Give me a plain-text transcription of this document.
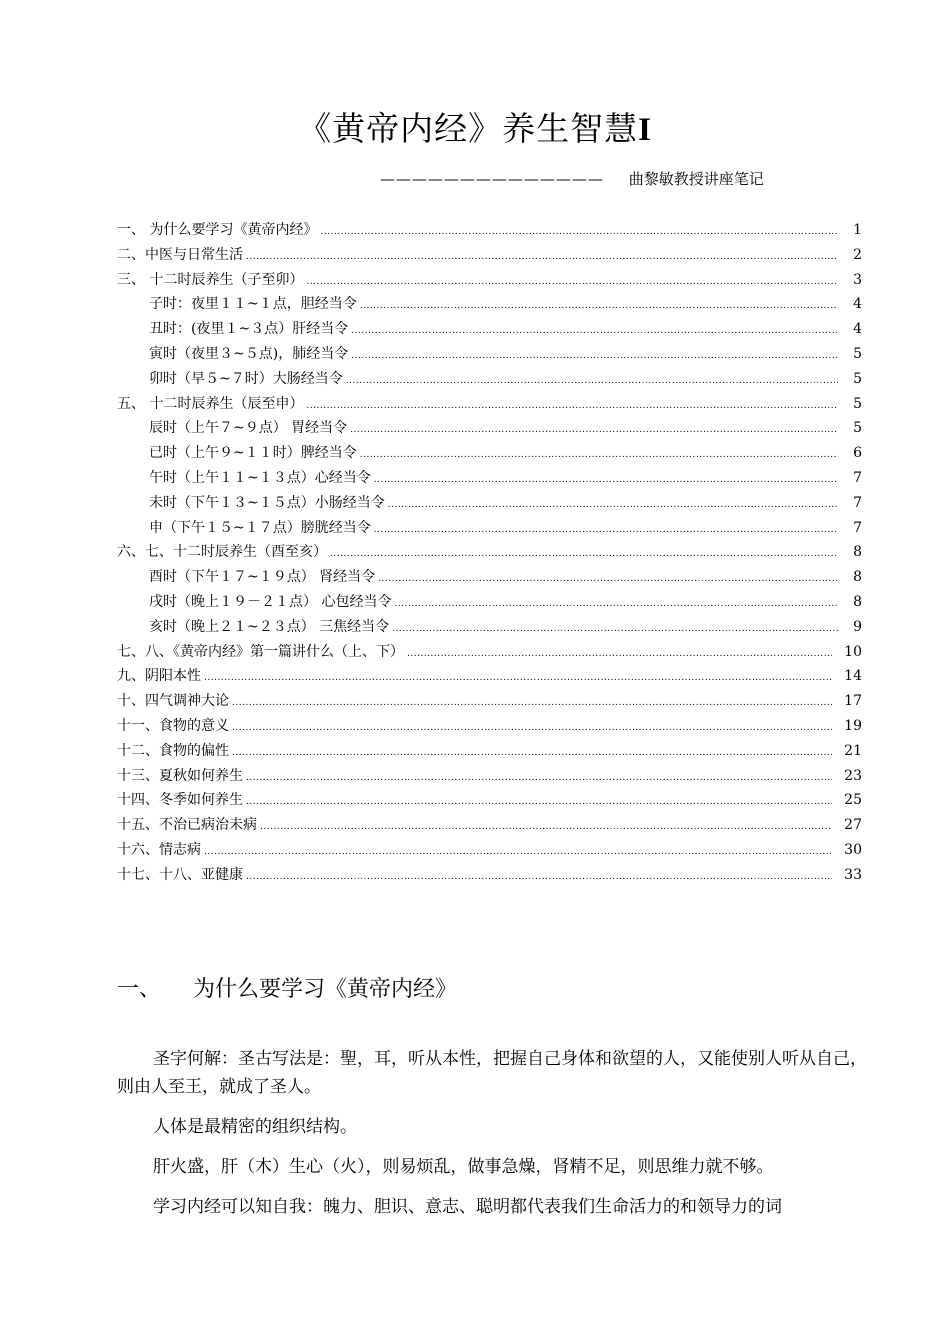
《黄帝内经》养生智慧I
—————————————— 曲黎敏教授讲座笔记
一、 为什么要学习《黄帝内经》 .....	1
二、中医与日常生活 .....	2
三、 十二时辰养生（子至卯） .....	3
子时：夜里１１~１点，胆经当令 .....	4
丑时：(夜里１~３点）肝经当令 .....	4
寅时（夜里３~５点)，肺经当令 .....	5
卯时（早５~７时）大肠经当令 .....	5
五、 十二时辰养生（辰至申） .....	5
辰时（上午７~９点） 胃经当令 .....	5
已时（上午９~１１时）脾经当令 .....	6
午时（上午１１~１３点）心经当令 .....	7
未时（下午１３~１５点）小肠经当令 .....	7
申（下午１５~１７点）膀胱经当令 .....	7
六、七、十二时辰养生（酉至亥） .....	8
酉时（下午１７~１９点） 肾经当令 .....	8
戌时（晚上１９－２１点） 心包经当令 .....	8
亥时（晚上２１~２３点） 三焦经当令 .....	9
七、八、《黄帝内经》第一篇讲什么（上、下） .....	10
九、阴阳本性 .....	14
十、四气调神大论 .....	17
十一、食物的意义 .....	19
十二、食物的偏性 .....	21
十三、夏秋如何养生 .....	23
十四、冬季如何养生 .....	25
十五、不治已病治未病 .....	27
十六、情志病 .....	30
十七、十八、亚健康 .....	33
一、 为什么要学习《黄帝内经》

圣字何解：圣古写法是：聖，耳，听从本性，把握自己身体和欲望的人，又能使别人听从自己，则由人至王，就成了圣人。

人体是最精密的组织结构。

肝火盛，肝（木）生心（火），则易烦乱，做事急燥，肾精不足，则思维力就不够。

学习内经可以知自我：魄力、胆识、意志、聪明都代表我们生命活力的和领导力的词
